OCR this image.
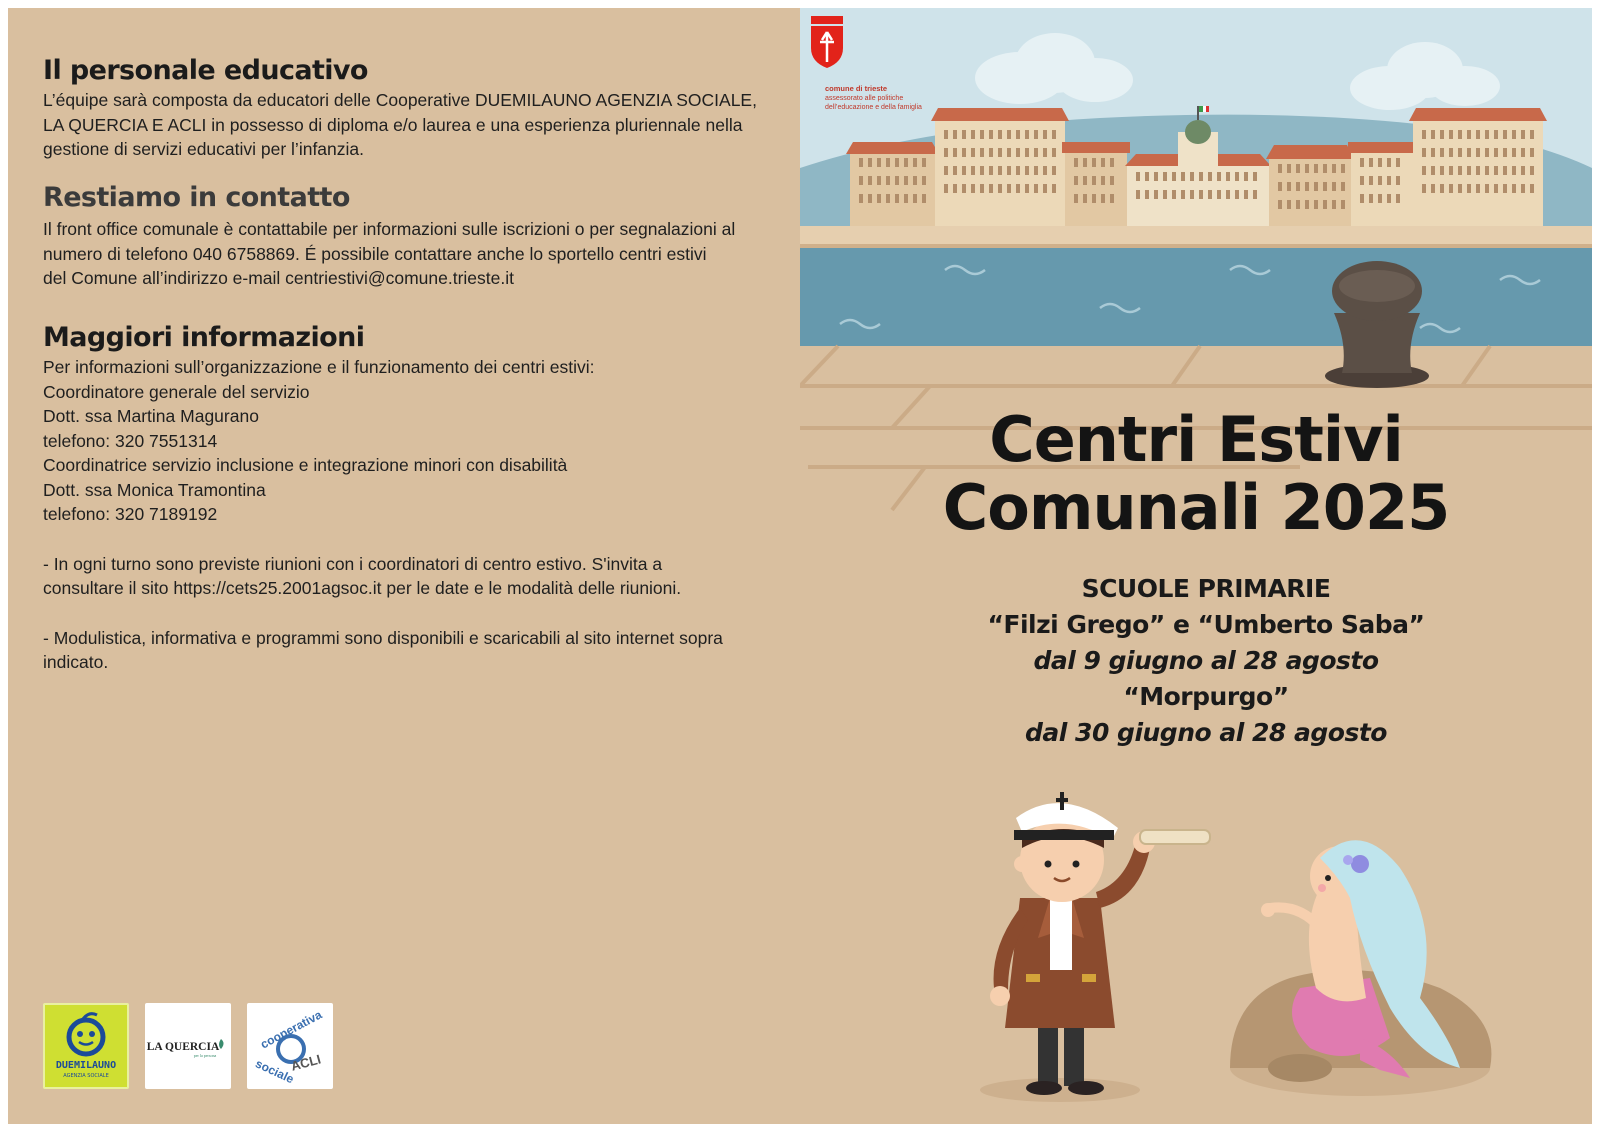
Il personale educativo

L’équipe sarà composta da educatori delle Cooperative DUEMILAUNO AGENZIA SOCIALE,
LA QUERCIA E ACLI in possesso di diploma e/o laurea e una esperienza pluriennale nella
gestione di servizi educativi per l’infanzia.

Restiamo in contatto

Il front office comunale è contattabile per informazioni sulle iscrizioni o per segnalazioni al
numero di telefono 040 6758869. É possibile contattare anche lo sportello centri estivi
del Comune all’indirizzo e-mail centriestivi@comune.trieste.it

Maggiori informazioni

Per informazioni sull’organizzazione e il funzionamento dei centri estivi:
Coordinatore generale del servizio
Dott. ssa Martina Magurano
telefono: 320 7551314
Coordinatrice servizio inclusione e integrazione minori con disabilità
Dott. ssa Monica Tramontina
telefono: 320 7189192

- In ogni turno sono previste riunioni con i coordinatori di centro estivo. S'invita a
consultare il sito https://cets25.2001agsoc.it per le date e le modalità delle riunioni.

- Modulistica, informativa e programmi sono disponibili e scaricabili al sito internet sopra
indicato.

DUEMILAUNO
AGENZIA SOCIALE
LA QUERCIA
per la persona
cooperativa
ACLI
sociale
comune di trieste
assessorato alle politiche
dell’educazione e della famiglia
Centri Estivi
Comunali 2025
SCUOLE PRIMARIE
“Filzi Grego” e “Umberto Saba”
dal 9 giugno al 28 agosto
“Morpurgo”
dal 30 giugno al 28 agosto
